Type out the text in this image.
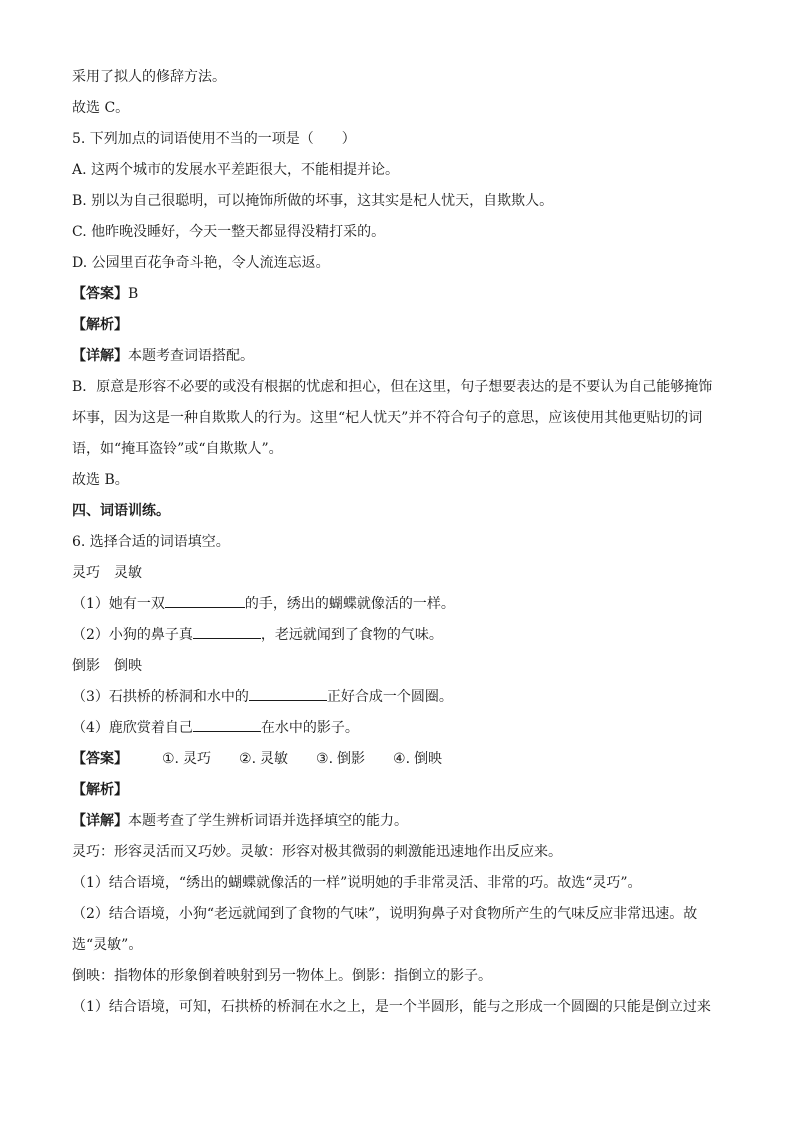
采用了拟人的修辞方法。
故选 C。
5. 下列加点的词语使用不当的一项是（　　）
A. 这两个城市的发展水平差距很大，不能相提并论。
B. 别以为自己很聪明，可以掩饰所做的坏事，这其实是杞人忧天，自欺欺人。
C. 他昨晚没睡好，今天一整天都显得没精打采的。
D. 公园里百花争奇斗艳，令人流连忘返。
【答案】B
【解析】
【详解】本题考查词语搭配。
B．原意是形容不必要的或没有根据的忧虑和担心，但在这里，句子想要表达的是不要认为自己能够掩饰坏事，因为这是一种自欺欺人的行为。这里“杞人忧天”并不符合句子的意思，应该使用其他更贴切的词语，如“掩耳盗铃”或“自欺欺人”。
故选 B。
四、词语训练。
6. 选择合适的词语填空。
灵巧　灵敏
（1）她有一双	的手，绣出的蝴蝶就像活的一样。
（2）小狗的鼻子真	，老远就闻到了食物的气味。
倒影　倒映
（3）石拱桥的桥洞和水中的	正好合成一个圆圈。
（4）鹿欣赏着自己	在水中的影子。
【答案】 ①. 灵巧 ②. 灵敏 ③. 倒影 ④. 倒映
【解析】
【详解】本题考查了学生辨析词语并选择填空的能力。
灵巧：形容灵活而又巧妙。灵敏：形容对极其微弱的刺激能迅速地作出反应来。
（1）结合语境，“绣出的蝴蝶就像活的一样”说明她的手非常灵活、非常的巧。故选“灵巧”。
（2）结合语境，小狗“老远就闻到了食物的气味”，说明狗鼻子对食物所产生的气味反应非常迅速。故选“灵敏”。
倒映：指物体的形象倒着映射到另一物体上。倒影：指倒立的影子。
（1）结合语境，可知，石拱桥的桥洞在水之上，是一个半圆形，能与之形成一个圆圈的只能是倒立过来
